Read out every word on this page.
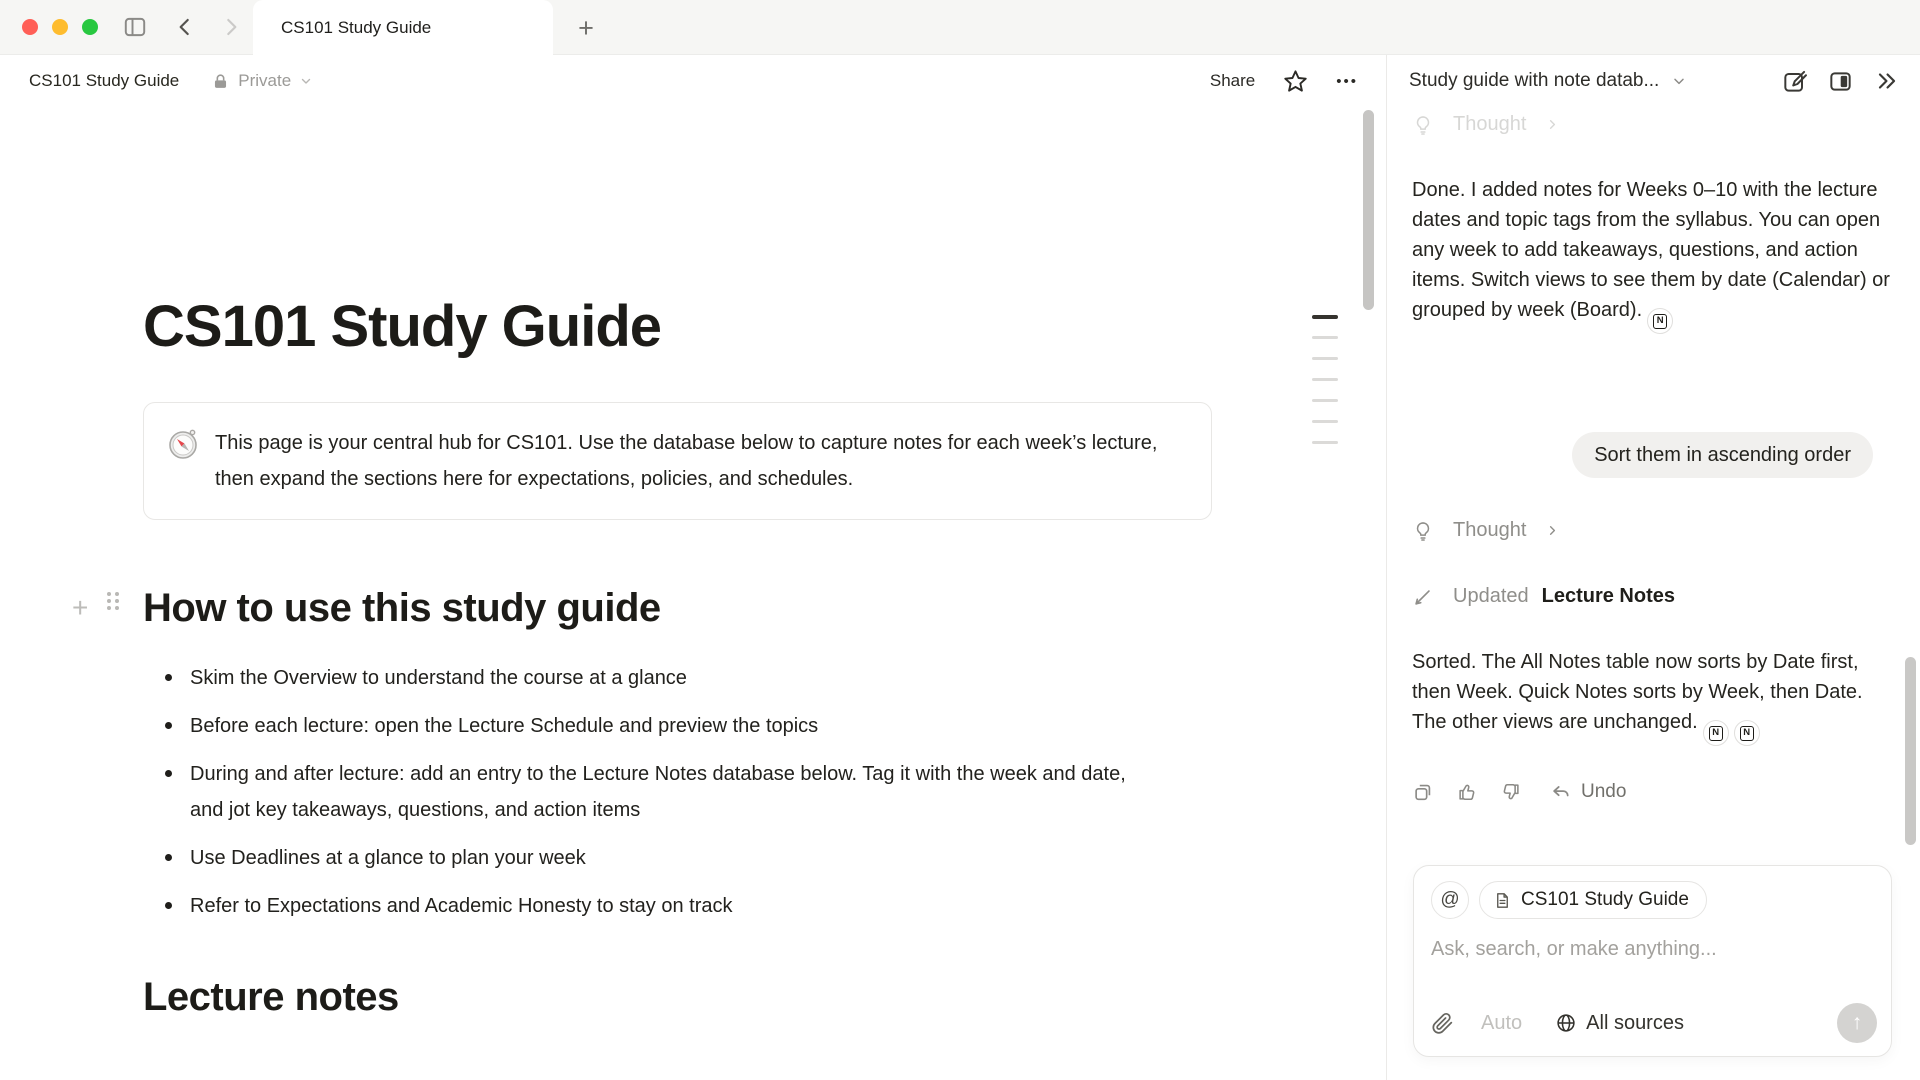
CS101 Study Guide	+
CS101 Study Guide	Private	Share	•••
CS101 Study Guide
This page is your central hub for CS101. Use the database below to capture notes for each week’s lecture, then expand the sections here for expectations, policies, and schedules.
+ How to use this study guide
Skim the Overview to understand the course at a glance
Before each lecture: open the Lecture Schedule and preview the topics
During and after lecture: add an entry to the Lecture Notes database below. Tag it with the week and date, and jot key takeaways, questions, and action items
Use Deadlines at a glance to plan your week
Refer to Expectations and Academic Honesty to stay on track
Lecture notes
Study guide with note datab...
Thought

Done. I added notes for Weeks 0–10 with the lecture dates and topic tags from the syllabus. You can open any week to add takeaways, questions, and action items. Switch views to see them by date (Calendar) or grouped by week (Board).	N

Sort them in ascending order
Thought
Updated Lecture Notes

Sorted. The All Notes table now sorts by Date first, then Week. Quick Notes sorts by Week, then Date. The other views are unchanged.	N	N

Undo
@	CS101 Study Guide
Ask, search, or make anything...
Auto	All sources	↑
